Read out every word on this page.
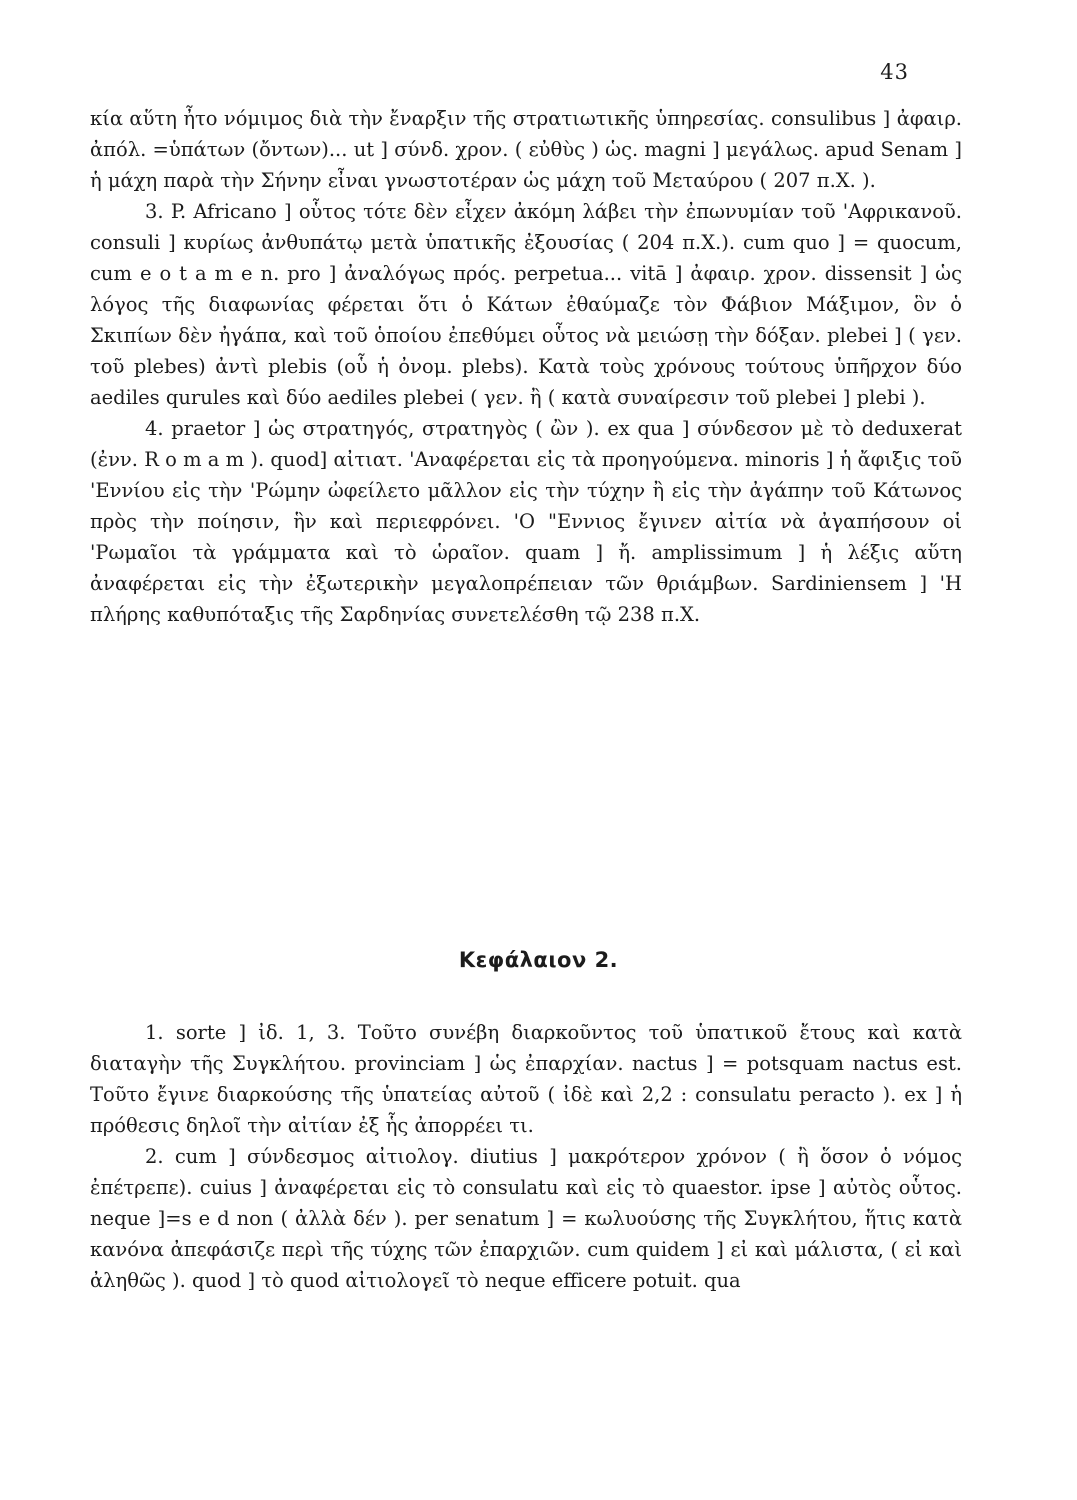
43

κία αὕτη ἦτο νόμιμος διὰ τὴν ἔναρξιν τῆς στρατιωτικῆς ὑπηρεσίας. consulibus ] ἀφαιρ. ἀπόλ. =ὑπάτων (ὄντων)... ut ] σύνδ. χρον. ( εὐθὺς ) ὡς. magni ] μεγάλως. apud Senam ] ἡ μάχη παρὰ τὴν Σήνην εἶναι γνωστοτέραν ὡς μάχη τοῦ Μεταύρου ( 207 π.Χ. ).

3. P. Africano ] οὗτος τότε δὲν εἶχεν ἀκόμη λάβει τὴν ἐπωνυμίαν τοῦ 'Αφρικανοῦ. consuli ] κυρίως ἀνθυπάτῳ μετὰ ὑπατικῆς ἐξουσίας ( 204 π.Χ.). cum quo ] = quocum, cum e o t a m e n. pro ] ἀναλόγως πρός. perpetua... vitā ] ἀφαιρ. χρον. dissensit ] ὡς λόγος τῆς διαφωνίας φέρεται ὅτι ὁ Κάτων ἐθαύμαζε τὸν Φάβιον Μάξιμον, ὃν ὁ Σκιπίων δὲν ἠγάπα, καὶ τοῦ ὁποίου ἐπεθύμει οὗτος νὰ μειώσῃ τὴν δόξαν. plebei ] ( γεν. τοῦ plebes) ἀντὶ plebis (οὗ ἡ ὀνομ. plebs). Κατὰ τοὺς χρόνους τούτους ὑπῆρχον δύο aediles qurules καὶ δύο aediles plebei ( γεν. ἢ ( κατὰ συναίρεσιν τοῦ plebei ] plebi ).

4. praetor ] ὡς στρατηγός, στρατηγὸς ( ὢν ). ex qua ] σύνδεσον μὲ τὸ deduxerat (ἐνν. R o m a m ). quod] αἰτιατ. 'Αναφέρεται εἰς τὰ προηγούμενα. minoris ] ἡ ἄφιξις τοῦ 'Εννίου εἰς τὴν 'Ρώμην ὠφείλετο μᾶλλον εἰς τὴν τύχην ἢ εἰς τὴν ἀγάπην τοῦ Κάτωνος πρὸς τὴν ποίησιν, ἣν καὶ περιεφρόνει. 'Ο "Εννιος ἔγινεν αἰτία νὰ ἀγαπήσουν οἱ 'Ρωμαῖοι τὰ γράμματα καὶ τὸ ὡραῖον. quam ] ἤ. amplissimum ] ἡ λέξις αὕτη ἀναφέρεται εἰς τὴν ἐξωτερικὴν μεγαλοπρέπειαν τῶν θριάμβων. Sardiniensem ] 'Η πλήρης καθυπόταξις τῆς Σαρδηνίας συνετελέσθη τῷ 238 π.Χ.

Κεφάλαιον 2.

1. sorte ] ἰδ. 1, 3. Τοῦτο συνέβη διαρκοῦντος τοῦ ὑπατικοῦ ἔτους καὶ κατὰ διαταγὴν τῆς Συγκλήτου. provinciam ] ὡς ἐπαρχίαν. nactus ] = potsquam nactus est. Τοῦτο ἔγινε διαρκούσης τῆς ὑπατείας αὐτοῦ ( ἰδὲ καὶ 2,2 : consulatu peracto ). ex ] ἡ πρόθεσις δηλοῖ τὴν αἰτίαν ἐξ ἧς ἀπορρέει τι.

2. cum ] σύνδεσμος αἰτιολογ. diutius ] μακρότερον χρόνον ( ἢ ὅσον ὁ νόμος ἐπέτρεπε). cuius ] ἀναφέρεται εἰς τὸ consulatu καὶ εἰς τὸ quaestor. ipse ] αὐτὸς οὗτος. neque ]=s e d non ( ἀλλὰ δέν ). per senatum ] = κωλυούσης τῆς Συγκλήτου, ἥτις κατὰ κανόνα ἀπεφάσιζε περὶ τῆς τύχης τῶν ἐπαρχιῶν. cum quidem ] εἰ καὶ μάλιστα, ( εἰ καὶ ἀληθῶς ). quod ] τὸ quod αἰτιολογεῖ τὸ neque efficere potuit. qua
